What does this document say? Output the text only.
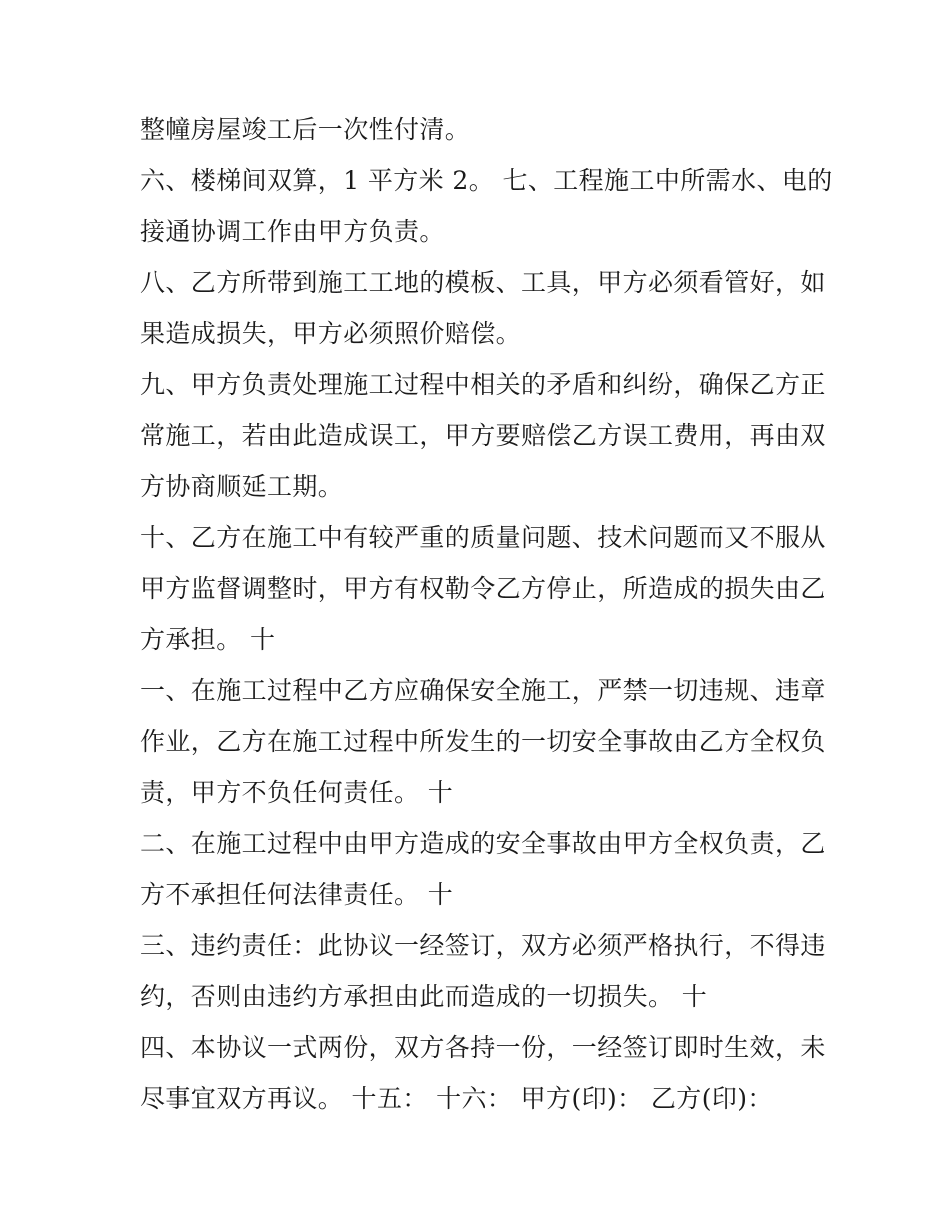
整幢房屋竣工后一次性付清。
六、楼梯间双算，1 平方米 2。 七、工程施工中所需水、电的
接通协调工作由甲方负责。
八、乙方所带到施工工地的模板、工具，甲方必须看管好，如
果造成损失，甲方必须照价赔偿。
九、甲方负责处理施工过程中相关的矛盾和纠纷，确保乙方正
常施工，若由此造成误工，甲方要赔偿乙方误工费用，再由双
方协商顺延工期。
十、乙方在施工中有较严重的质量问题、技术问题而又不服从
甲方监督调整时，甲方有权勒令乙方停止，所造成的损失由乙
方承担。 十
一、在施工过程中乙方应确保安全施工，严禁一切违规、违章
作业，乙方在施工过程中所发生的一切安全事故由乙方全权负
责，甲方不负任何责任。 十
二、在施工过程中由甲方造成的安全事故由甲方全权负责，乙
方不承担任何法律责任。 十
三、违约责任：此协议一经签订，双方必须严格执行，不得违
约，否则由违约方承担由此而造成的一切损失。 十
四、本协议一式两份，双方各持一份，一经签订即时生效，未
尽事宜双方再议。 十五： 十六： 甲方(印)： 乙方(印)：
